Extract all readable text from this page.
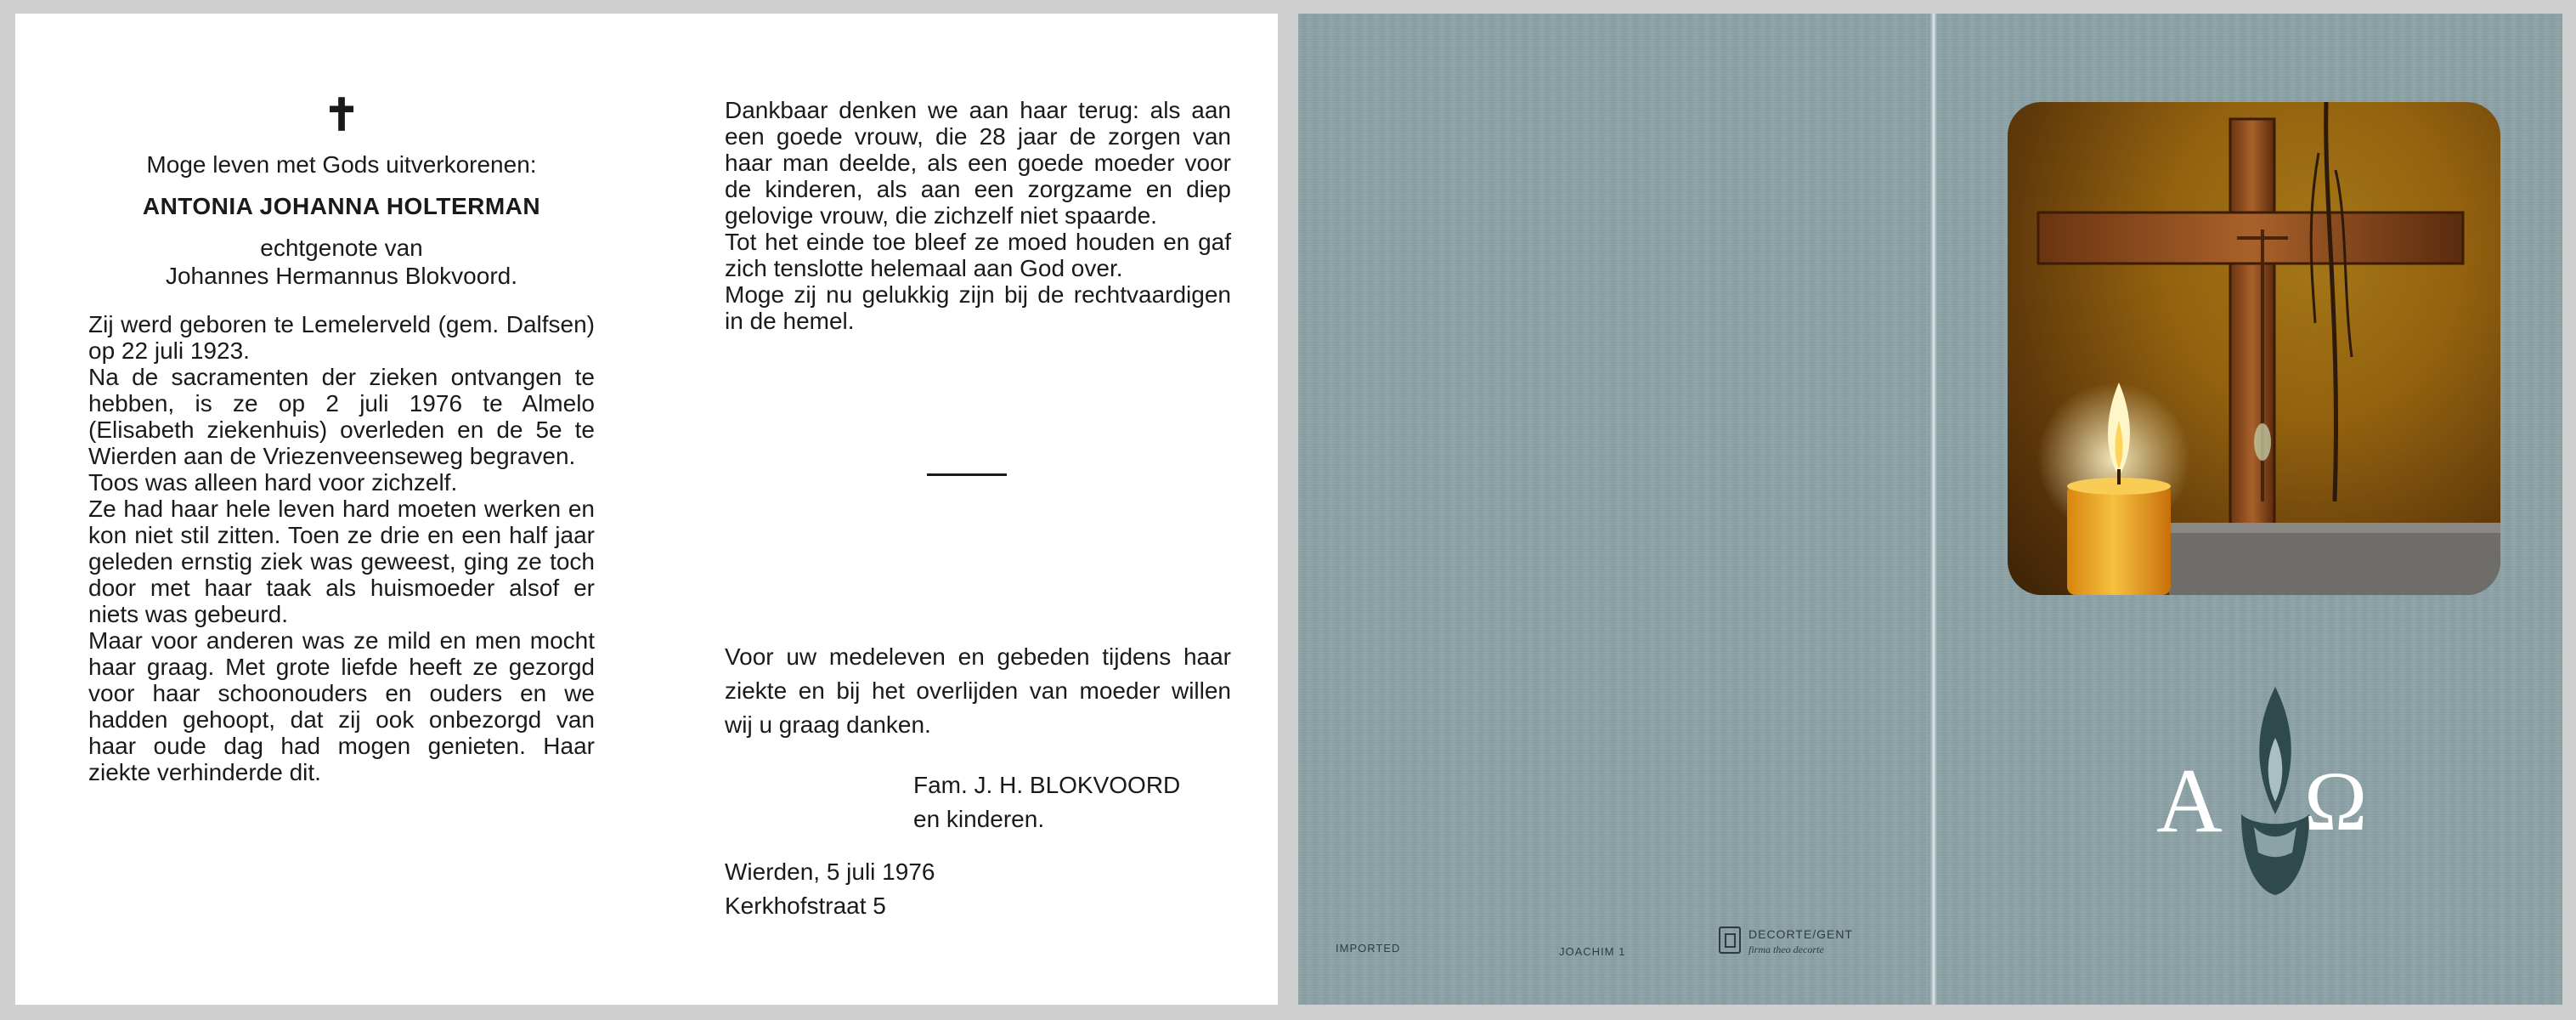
✝
Moge leven met Gods uitverkorenen:
ANTONIA JOHANNA HOLTERMAN
echtgenote van
Johannes Hermannus Blokvoord.
Zij werd geboren te Lemelerveld (gem. Dalfsen) op 22 juli 1923.
Na de sacramenten der zieken ontvangen te hebben, is ze op 2 juli 1976 te Almelo (Elisabeth ziekenhuis) overleden en de 5e te Wierden aan de Vriezenveenseweg begraven.
Toos was alleen hard voor zichzelf.
Ze had haar hele leven hard moeten werken en kon niet stil zitten. Toen ze drie en een half jaar geleden ernstig ziek was geweest, ging ze toch door met haar taak als huismoeder alsof er niets was gebeurd.
Maar voor anderen was ze mild en men mocht haar graag. Met grote liefde heeft ze gezorgd voor haar schoonouders en ouders en we hadden gehoopt, dat zij ook onbezorgd van haar oude dag had mogen genieten. Haar ziekte verhinderde dit.
Dankbaar denken we aan haar terug: als aan een goede vrouw, die 28 jaar de zorgen van haar man deelde, als een goede moeder voor de kinderen, als aan een zorgzame en diep gelovige vrouw, die zichzelf niet spaarde.
Tot het einde toe bleef ze moed houden en gaf zich tenslotte helemaal aan God over.
Moge zij nu gelukkig zijn bij de rechtvaardigen in de hemel.
Voor uw medeleven en gebeden tijdens haar ziekte en bij het overlijden van moeder willen wij u graag danken.
Fam. J. H. BLOKVOORD
en kinderen.
Wierden, 5 juli 1976
Kerkhofstraat 5
Α Ω
IMPORTED	JOACHIM 1
DECORTE/GENT
firma theo decorte
